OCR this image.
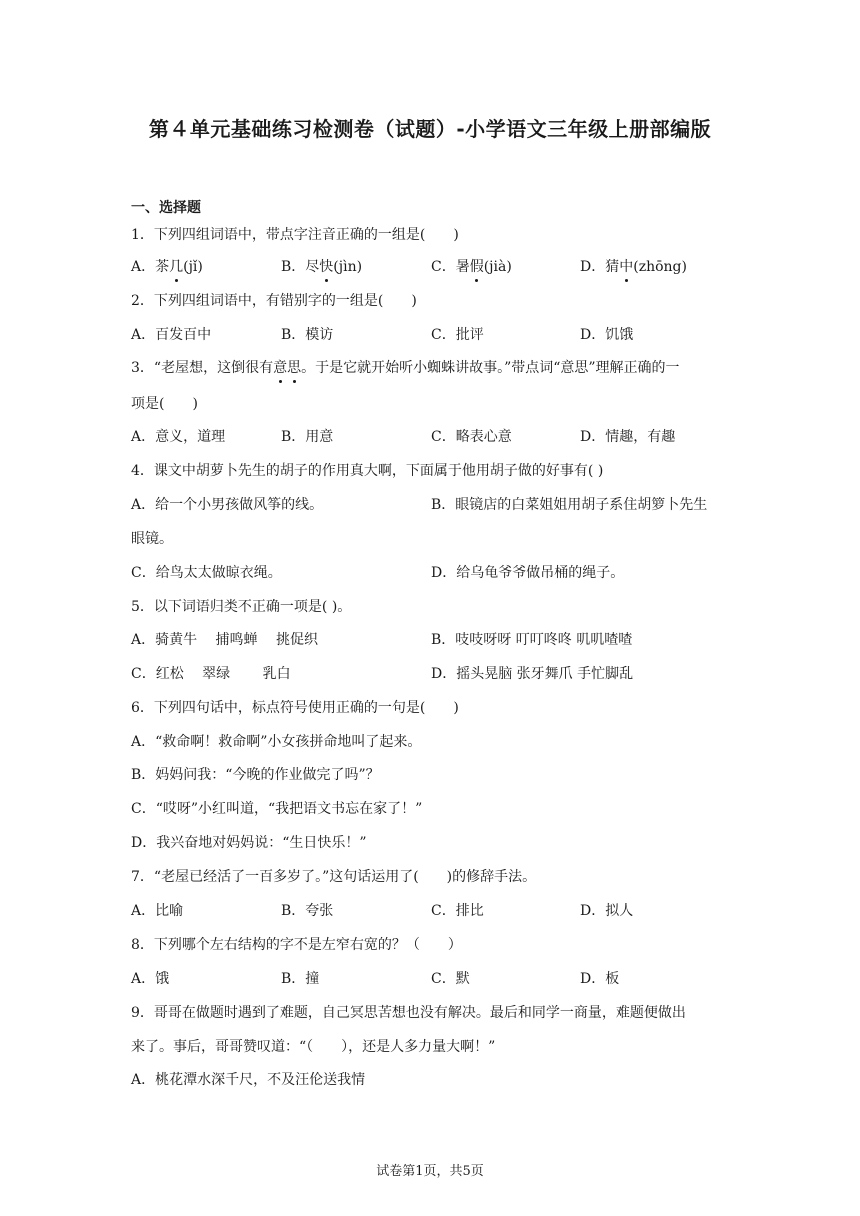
第４单元基础练习检测卷（试题）-小学语文三年级上册部编版
一、选择题
1．下列四组词语中，带点字注音正确的一组是(　　)
A．茶几(jǐ)	B．尽快(jìn)	C．暑假(jià)	D．猜中(zhōng)
2．下列四组词语中，有错别字的一组是(　　)
A．百发百中	B．模访	C．批评	D．饥饿
3．“老屋想，这倒很有意思。于是它就开始听小蜘蛛讲故事。”带点词“意思”理解正确的一
项是(　　)
A．意义，道理	B．用意	C．略表心意	D．情趣，有趣
4．课文中胡萝卜先生的胡子的作用真大啊，下面属于他用胡子做的好事有( )
A．给一个小男孩做风筝的线。	B．眼镜店的白菜姐姐用胡子系住胡箩卜先生
眼镜。
C．给鸟太太做晾衣绳。	D．给乌龟爷爷做吊桶的绳子。
5．以下词语归类不正确一项是( )。
A．骑黄牛　 捕鸣蝉　 挑促织	B．吱吱呀呀 叮叮咚咚 叽叽喳喳
C．红松　 翠绿　　 乳白	D．摇头晃脑 张牙舞爪 手忙脚乱
6．下列四句话中，标点符号使用正确的一句是(　　)
A．“救命啊！救命啊”小女孩拼命地叫了起来。
B．妈妈问我：“今晚的作业做完了吗”？
C．“哎呀”小红叫道，“我把语文书忘在家了！”
D．我兴奋地对妈妈说：“生日快乐！”
7．“老屋已经活了一百多岁了。”这句话运用了(　　)的修辞手法。
A．比喻	B．夸张	C．排比	D．拟人
8．下列哪个左右结构的字不是左窄右宽的？（　　）
A．饿	B．撞	C．默	D．板
9．哥哥在做题时遇到了难题，自己冥思苦想也没有解决。最后和同学一商量，难题便做出
来了。事后，哥哥赞叹道：“（　　），还是人多力量大啊！”
A．桃花潭水深千尺，不及汪伦送我情
试卷第1页，共5页
